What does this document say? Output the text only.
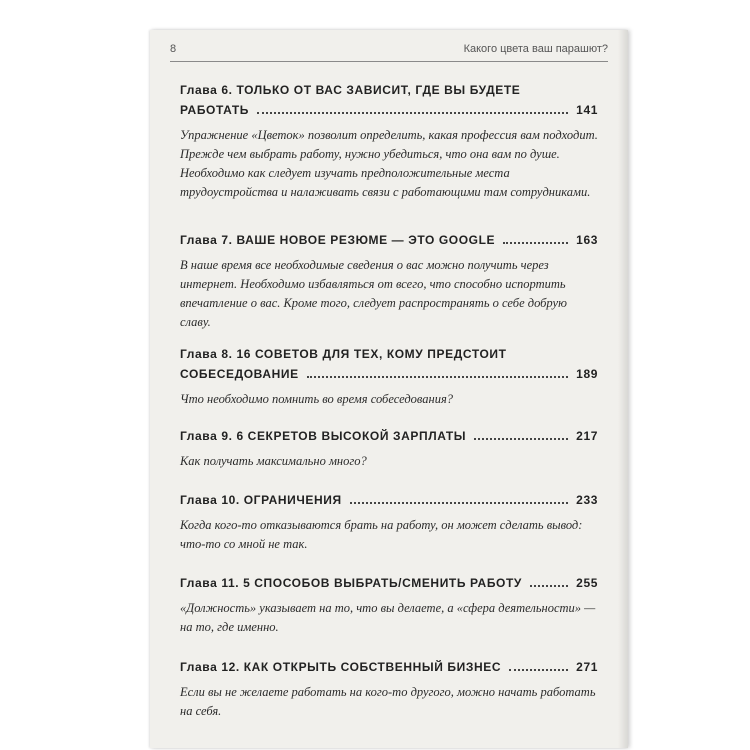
8	Какого цвета ваш парашют?
Глава 6. ТОЛЬКО ОТ ВАС ЗАВИСИТ, ГДЕ ВЫ БУДЕТЕ
РАБОТАТЬ	141
Упражнение «Цветок» позволит определить, какая профессия вам подходит. Прежде чем выбрать работу, нужно убедиться, что она вам по душе. Необходимо как следует изучать предположительные места трудоустройства и налаживать связи с работающими там сотрудниками.
Глава 7. ВАШЕ НОВОЕ РЕЗЮМЕ — ЭТО GOOGLE	163
В наше время все необходимые сведения о вас можно получить через интернет. Необходимо избавляться от всего, что способно испортить впечатление о вас. Кроме того, следует распространять о себе добрую славу.
Глава 8. 16 СОВЕТОВ ДЛЯ ТЕХ, КОМУ ПРЕДСТОИТ
СОБЕСЕДОВАНИЕ	189
Что необходимо помнить во время собеседования?
Глава 9. 6 СЕКРЕТОВ ВЫСОКОЙ ЗАРПЛАТЫ	217
Как получать максимально много?
Глава 10. ОГРАНИЧЕНИЯ	233
Когда кого-то отказываются брать на работу, он может сделать вывод: что-то со мной не так.
Глава 11. 5 СПОСОБОВ ВЫБРАТЬ/СМЕНИТЬ РАБОТУ	255
«Должность» указывает на то, что вы делаете, а «сфера деятельности» — на то, где именно.
Глава 12. КАК ОТКРЫТЬ СОБСТВЕННЫЙ БИЗНЕС	271
Если вы не желаете работать на кого-то другого, можно начать работать на себя.
